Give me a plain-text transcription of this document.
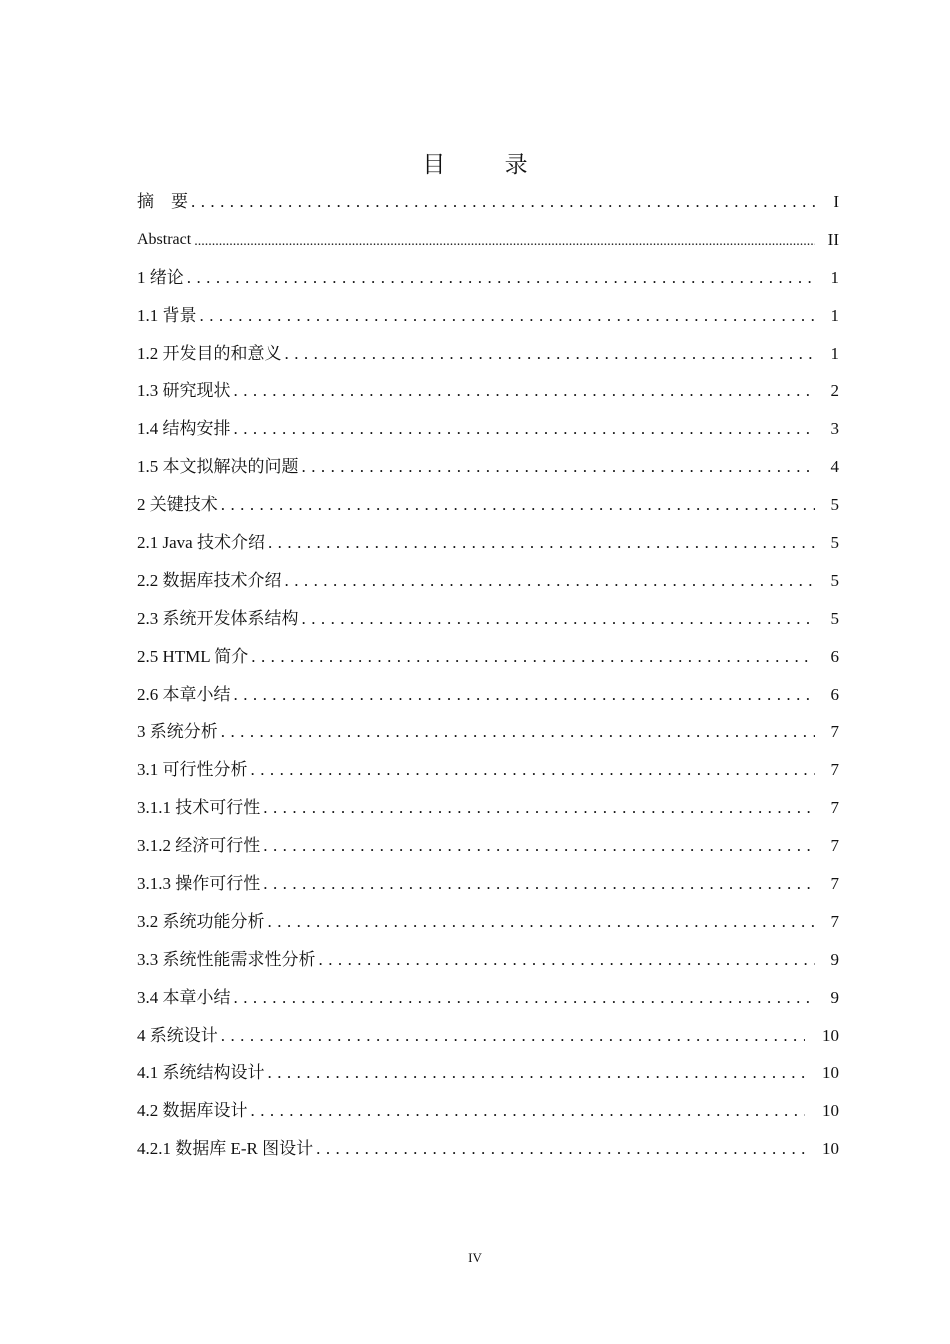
目 录
摘　要 . . .	I
Abstract .....	II
1 绪论 . . .	1
1.1 背景 . . .	1
1.2 开发目的和意义 . . .	1
1.3 研究现状 . . .	2
1.4 结构安排 . . .	3
1.5 本文拟解决的问题 . . .	4
2 关键技术 . . .	5
2.1 Java 技术介绍 . . .	5
2.2 数据库技术介绍 . . .	5
2.3 系统开发体系结构 . . .	5
2.5 HTML 简介 . . .	6
2.6 本章小结 . . .	6
3 系统分析 . . .	7
3.1 可行性分析 . . .	7
3.1.1 技术可行性 . . .	7
3.1.2 经济可行性 . . .	7
3.1.3 操作可行性 . . .	7
3.2 系统功能分析 . . .	7
3.3 系统性能需求性分析 . . .	9
3.4 本章小结 . . .	9
4 系统设计 . . .	10
4.1 系统结构设计 . . .	10
4.2 数据库设计 . . .	10
4.2.1 数据库 E-R 图设计 . . .	10
IV
